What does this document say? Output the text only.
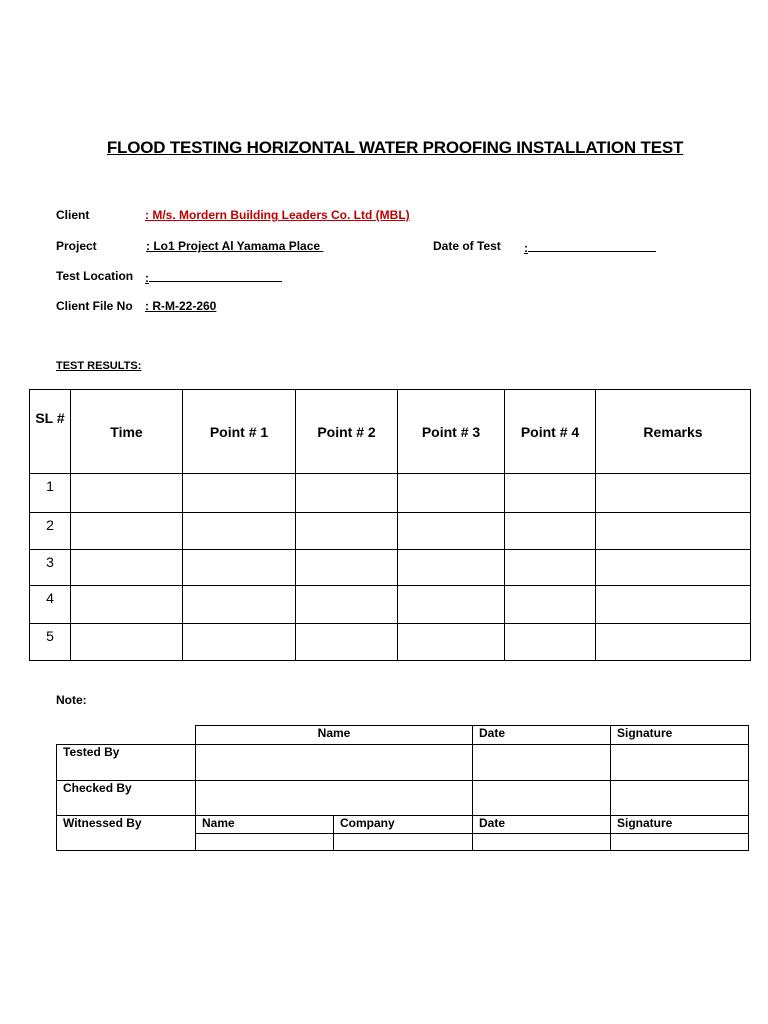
FLOOD TESTING HORIZONTAL WATER PROOFING INSTALLATION TEST
Client	: M/s. Mordern Building Leaders Co. Ltd (MBL)
Project	: Lo1 Project Al Yamama Place	Date of Test :
Test Location :
Client File No : R-M-22-260
TEST RESULTS:
SL #	Time	Point # 1	Point # 2	Point # 3	Point # 4	Remarks
1						
2						
3						
4						
5						
Note:
	Name		Date	Signature
Tested By				
Checked By				
Witnessed By	Name	Company	Date	Signature
